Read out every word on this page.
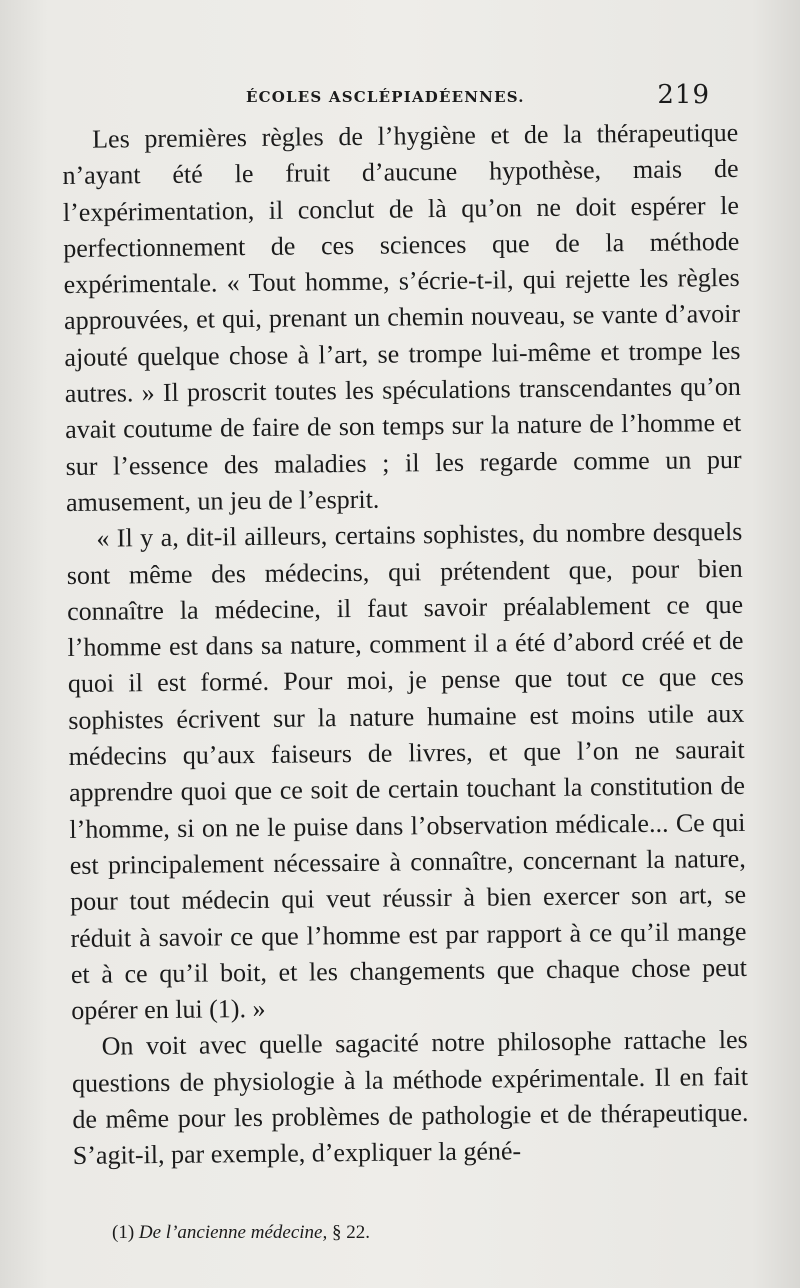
ÉCOLES ASCLÉPIADÉENNES.	219

Les premières règles de l’hygiène et de la thérapeutique n’ayant été le fruit d’aucune hypothèse, mais de l’expérimentation, il conclut de là qu’on ne doit espérer le perfectionnement de ces sciences que de la méthode expérimentale. « Tout homme, s’écrie-t-il, qui rejette les règles approuvées, et qui, prenant un chemin nouveau, se vante d’avoir ajouté quelque chose à l’art, se trompe lui-même et trompe les autres. » Il proscrit toutes les spéculations transcendantes qu’on avait coutume de faire de son temps sur la nature de l’homme et sur l’essence des maladies ; il les regarde comme un pur amusement, un jeu de l’esprit.

« Il y a, dit-il ailleurs, certains sophistes, du nombre desquels sont même des médecins, qui prétendent que, pour bien connaître la médecine, il faut savoir préalablement ce que l’homme est dans sa nature, comment il a été d’abord créé et de quoi il est formé. Pour moi, je pense que tout ce que ces sophistes écrivent sur la nature humaine est moins utile aux médecins qu’aux faiseurs de livres, et que l’on ne saurait apprendre quoi que ce soit de certain touchant la constitution de l’homme, si on ne le puise dans l’observation médicale... Ce qui est principalement nécessaire à connaître, concernant la nature, pour tout médecin qui veut réussir à bien exercer son art, se réduit à savoir ce que l’homme est par rapport à ce qu’il mange et à ce qu’il boit, et les changements que chaque chose peut opérer en lui (1). »

On voit avec quelle sagacité notre philosophe rattache les questions de physiologie à la méthode expérimentale. Il en fait de même pour les problèmes de pathologie et de thérapeutique. S’agit-il, par exemple, d’expliquer la géné-

(1) De l’ancienne médecine, § 22.
